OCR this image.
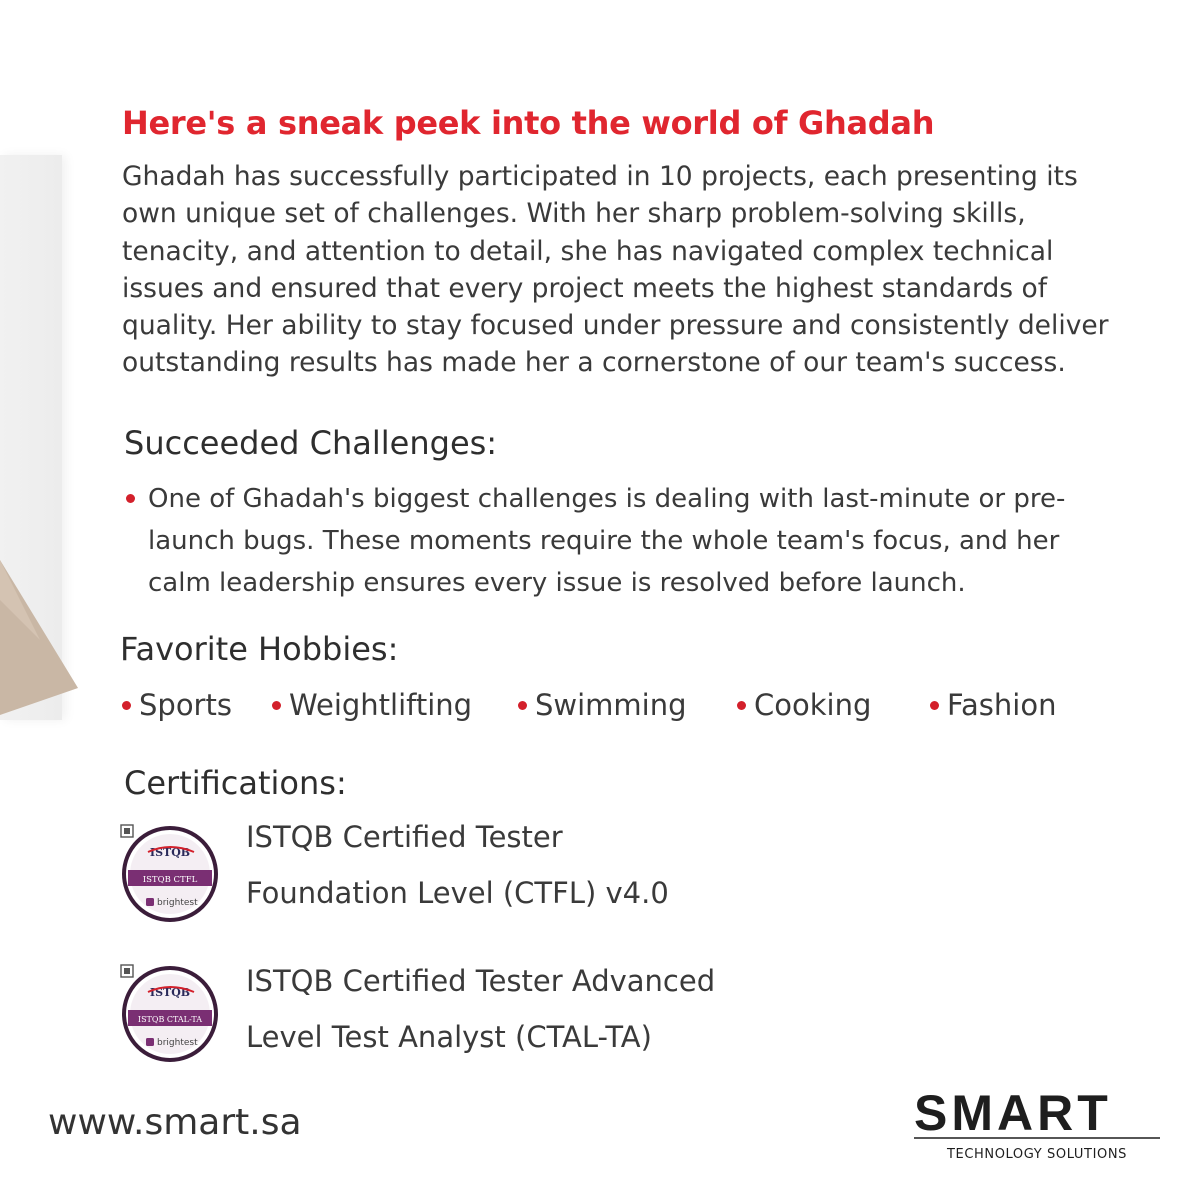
Here's a sneak peek into the world of Ghadah
Ghadah has successfully participated in 10 projects, each presenting its own unique set of challenges. With her sharp problem-solving skills, tenacity, and attention to detail, she has navigated complex technical issues and ensured that every project meets the highest standards of quality. Her ability to stay focused under pressure and consistently deliver outstanding results has made her a cornerstone of our team's success.
Succeeded Challenges:

One of Ghadah's biggest challenges is dealing with last-minute or pre-launch bugs. These moments require the whole team's focus, and her calm leadership ensures every issue is resolved before launch.

Favorite Hobbies:
Sports	Weightlifting	Swimming	Cooking	Fashion
Certifications:
ISTQB
ISTQB CTFL
brightest
ISTQB Certified Tester
Foundation Level (CTFL) v4.0
ISTQB
ISTQB CTAL-TA
brightest
ISTQB Certified Tester Advanced
Level Test Analyst (CTAL-TA)
www.smart.sa	SMART
TECHNOLOGY SOLUTIONS
